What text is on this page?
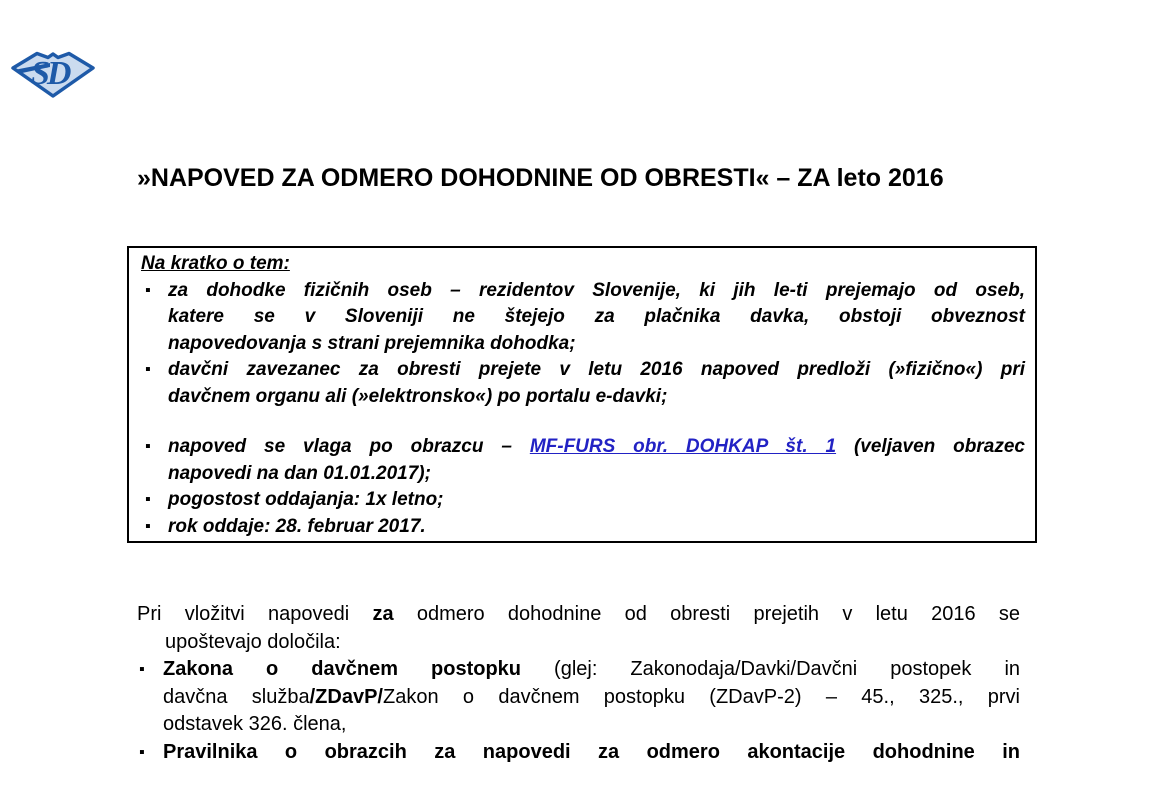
SD
»NAPOVED ZA ODMERO DOHODNINE OD OBRESTI« – ZA leto 2016
Na kratko o tem:
▪ za dohodke fizičnih oseb – rezidentov Slovenije, ki jih le-ti prejemajo od oseb,
katere se v Sloveniji ne štejejo za plačnika davka, obstoji obveznost
napovedovanja s strani prejemnika dohodka;
▪ davčni zavezanec za obresti prejete v letu 2016 napoved predloži (»fizično«) pri
davčnem organu ali (»elektronsko«) po portalu e-davki;
▪ napoved se vlaga po obrazcu – MF-FURS obr. DOHKAP št. 1 (veljaven obrazec
napovedi na dan 01.01.2017);
▪ pogostost oddajanja: 1x letno;
▪ rok oddaje: 28. februar 2017.
Pri vložitvi napovedi za odmero dohodnine od obresti prejetih v letu 2016 se
upoštevajo določila:
▪ Zakona o davčnem postopku (glej: Zakonodaja/Davki/Davčni postopek in
davčna služba/ZDavP/Zakon o davčnem postopku (ZDavP-2) – 45., 325., prvi
odstavek 326. člena,
▪ Pravilnika o obrazcih za napovedi za odmero akontacije dohodnine in
